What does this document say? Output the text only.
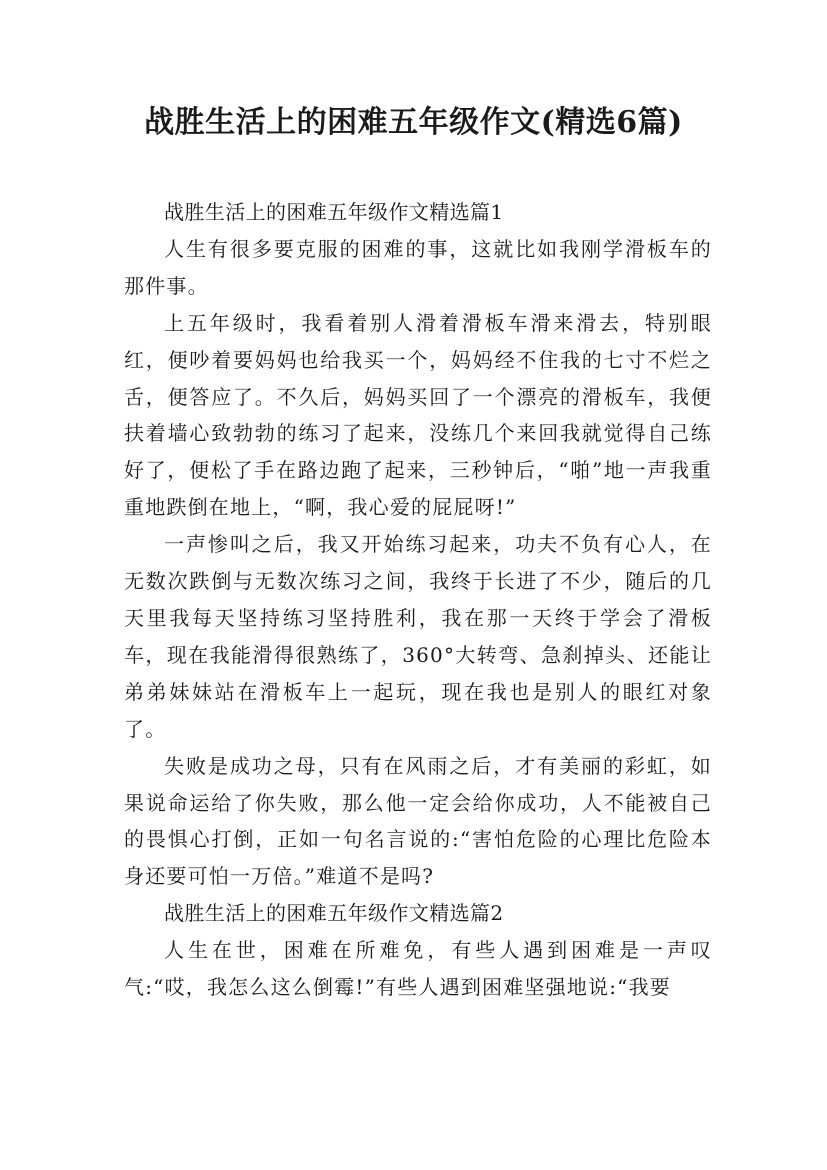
战胜生活上的困难五年级作文(精选6篇)

战胜生活上的困难五年级作文精选篇1

人生有很多要克服的困难的事，这就比如我刚学滑板车的那件事。

上五年级时，我看着别人滑着滑板车滑来滑去，特别眼红，便吵着要妈妈也给我买一个，妈妈经不住我的七寸不烂之舌，便答应了。不久后，妈妈买回了一个漂亮的滑板车，我便扶着墙心致勃勃的练习了起来，没练几个来回我就觉得自己练好了，便松了手在路边跑了起来，三秒钟后，“啪”地一声我重重地跌倒在地上，“啊，我心爱的屁屁呀!”

一声惨叫之后，我又开始练习起来，功夫不负有心人，在无数次跌倒与无数次练习之间，我终于长进了不少，随后的几天里我每天坚持练习坚持胜利，我在那一天终于学会了滑板车，现在我能滑得很熟练了，360°大转弯、急刹掉头、还能让弟弟妹妹站在滑板车上一起玩，现在我也是别人的眼红对象了。

失败是成功之母，只有在风雨之后，才有美丽的彩虹，如果说命运给了你失败，那么他一定会给你成功，人不能被自己的畏惧心打倒，正如一句名言说的:“害怕危险的心理比危险本身还要可怕一万倍。”难道不是吗?

战胜生活上的困难五年级作文精选篇2

人生在世，困难在所难免，有些人遇到困难是一声叹气:“哎，我怎么这么倒霉!”有些人遇到困难坚强地说:“我要
